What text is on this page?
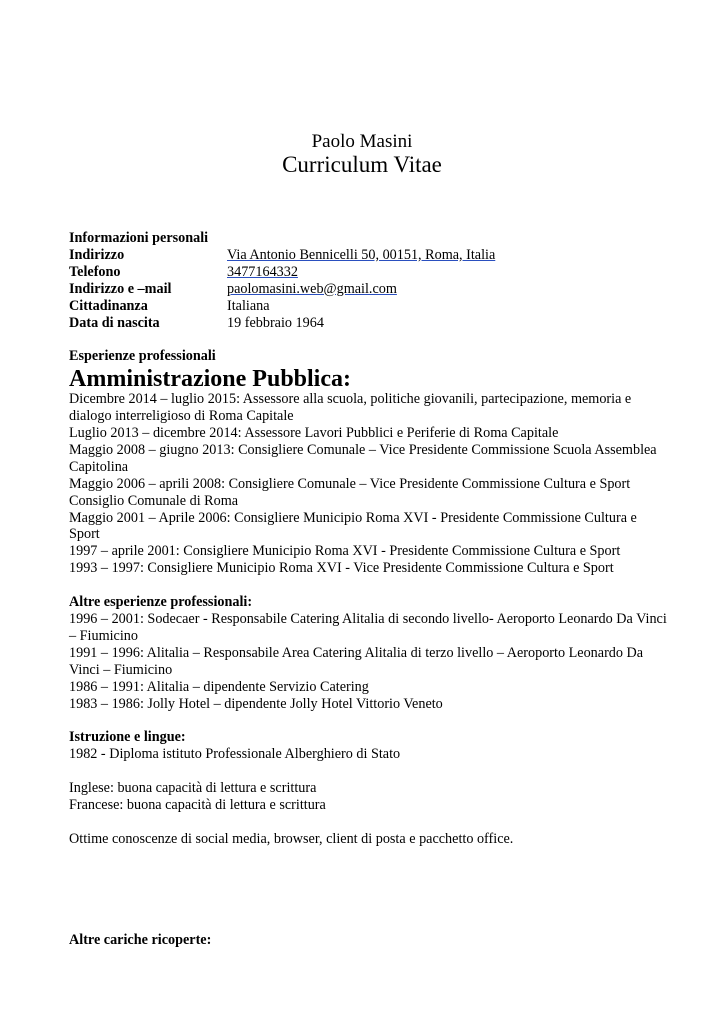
Paolo Masini
Curriculum Vitae
Informazioni personali
Indirizzo	Via Antonio Bennicelli 50, 00151, Roma, Italia
Telefono	3477164332
Indirizzo e –mail	paolomasini.web@gmail.com
Cittadinanza	Italiana
Data di nascita	19 febbraio 1964
Esperienze professionali
Amministrazione Pubblica:
Dicembre 2014 – luglio 2015: Assessore alla scuola, politiche giovanili, partecipazione, memoria e dialogo interreligioso di Roma Capitale
Luglio 2013 – dicembre 2014: Assessore Lavori Pubblici e Periferie di Roma Capitale
Maggio 2008 – giugno 2013: Consigliere Comunale – Vice Presidente Commissione Scuola Assemblea Capitolina
Maggio 2006 – aprili 2008: Consigliere Comunale – Vice Presidente Commissione Cultura e Sport Consiglio Comunale di Roma
Maggio 2001 – Aprile 2006: Consigliere Municipio Roma XVI - Presidente Commissione Cultura e Sport
1997 – aprile 2001: Consigliere Municipio Roma XVI - Presidente Commissione Cultura e Sport
1993 – 1997: Consigliere Municipio Roma XVI - Vice Presidente Commissione Cultura e Sport
Altre esperienze professionali:
1996 – 2001: Sodecaer - Responsabile Catering Alitalia di secondo livello- Aeroporto Leonardo Da Vinci – Fiumicino
1991 – 1996: Alitalia – Responsabile Area Catering Alitalia di terzo livello – Aeroporto Leonardo Da Vinci – Fiumicino
1986 – 1991: Alitalia – dipendente Servizio Catering
1983 – 1986: Jolly Hotel – dipendente Jolly Hotel Vittorio Veneto
Istruzione e lingue:
1982 - Diploma istituto Professionale Alberghiero di Stato
Inglese: buona capacità di lettura e scrittura
Francese: buona capacità di lettura e scrittura
Ottime conoscenze di social media, browser, client di posta e pacchetto office.
Altre cariche ricoperte:
